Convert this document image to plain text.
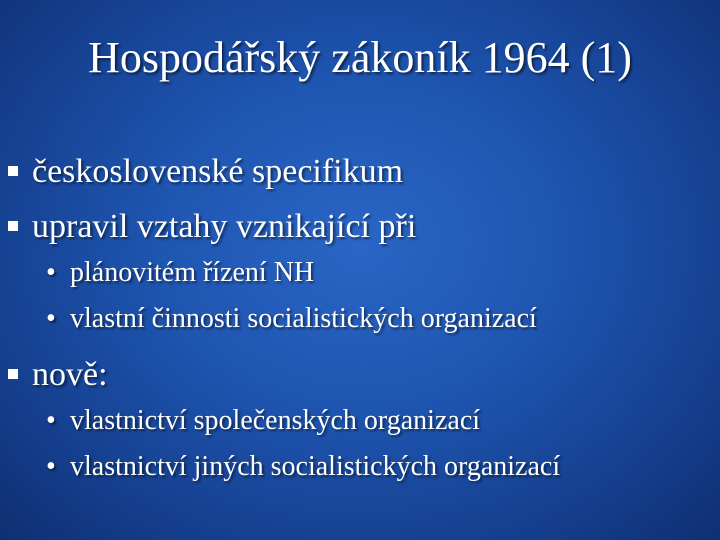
Hospodářský zákoník 1964 (1)
československé specifikum
upravil vztahy vznikající při
• plánovitém řízení NH
• vlastní činnosti socialistických organizací
nově:
• vlastnictví společenských organizací
• vlastnictví jiných socialistických organizací
